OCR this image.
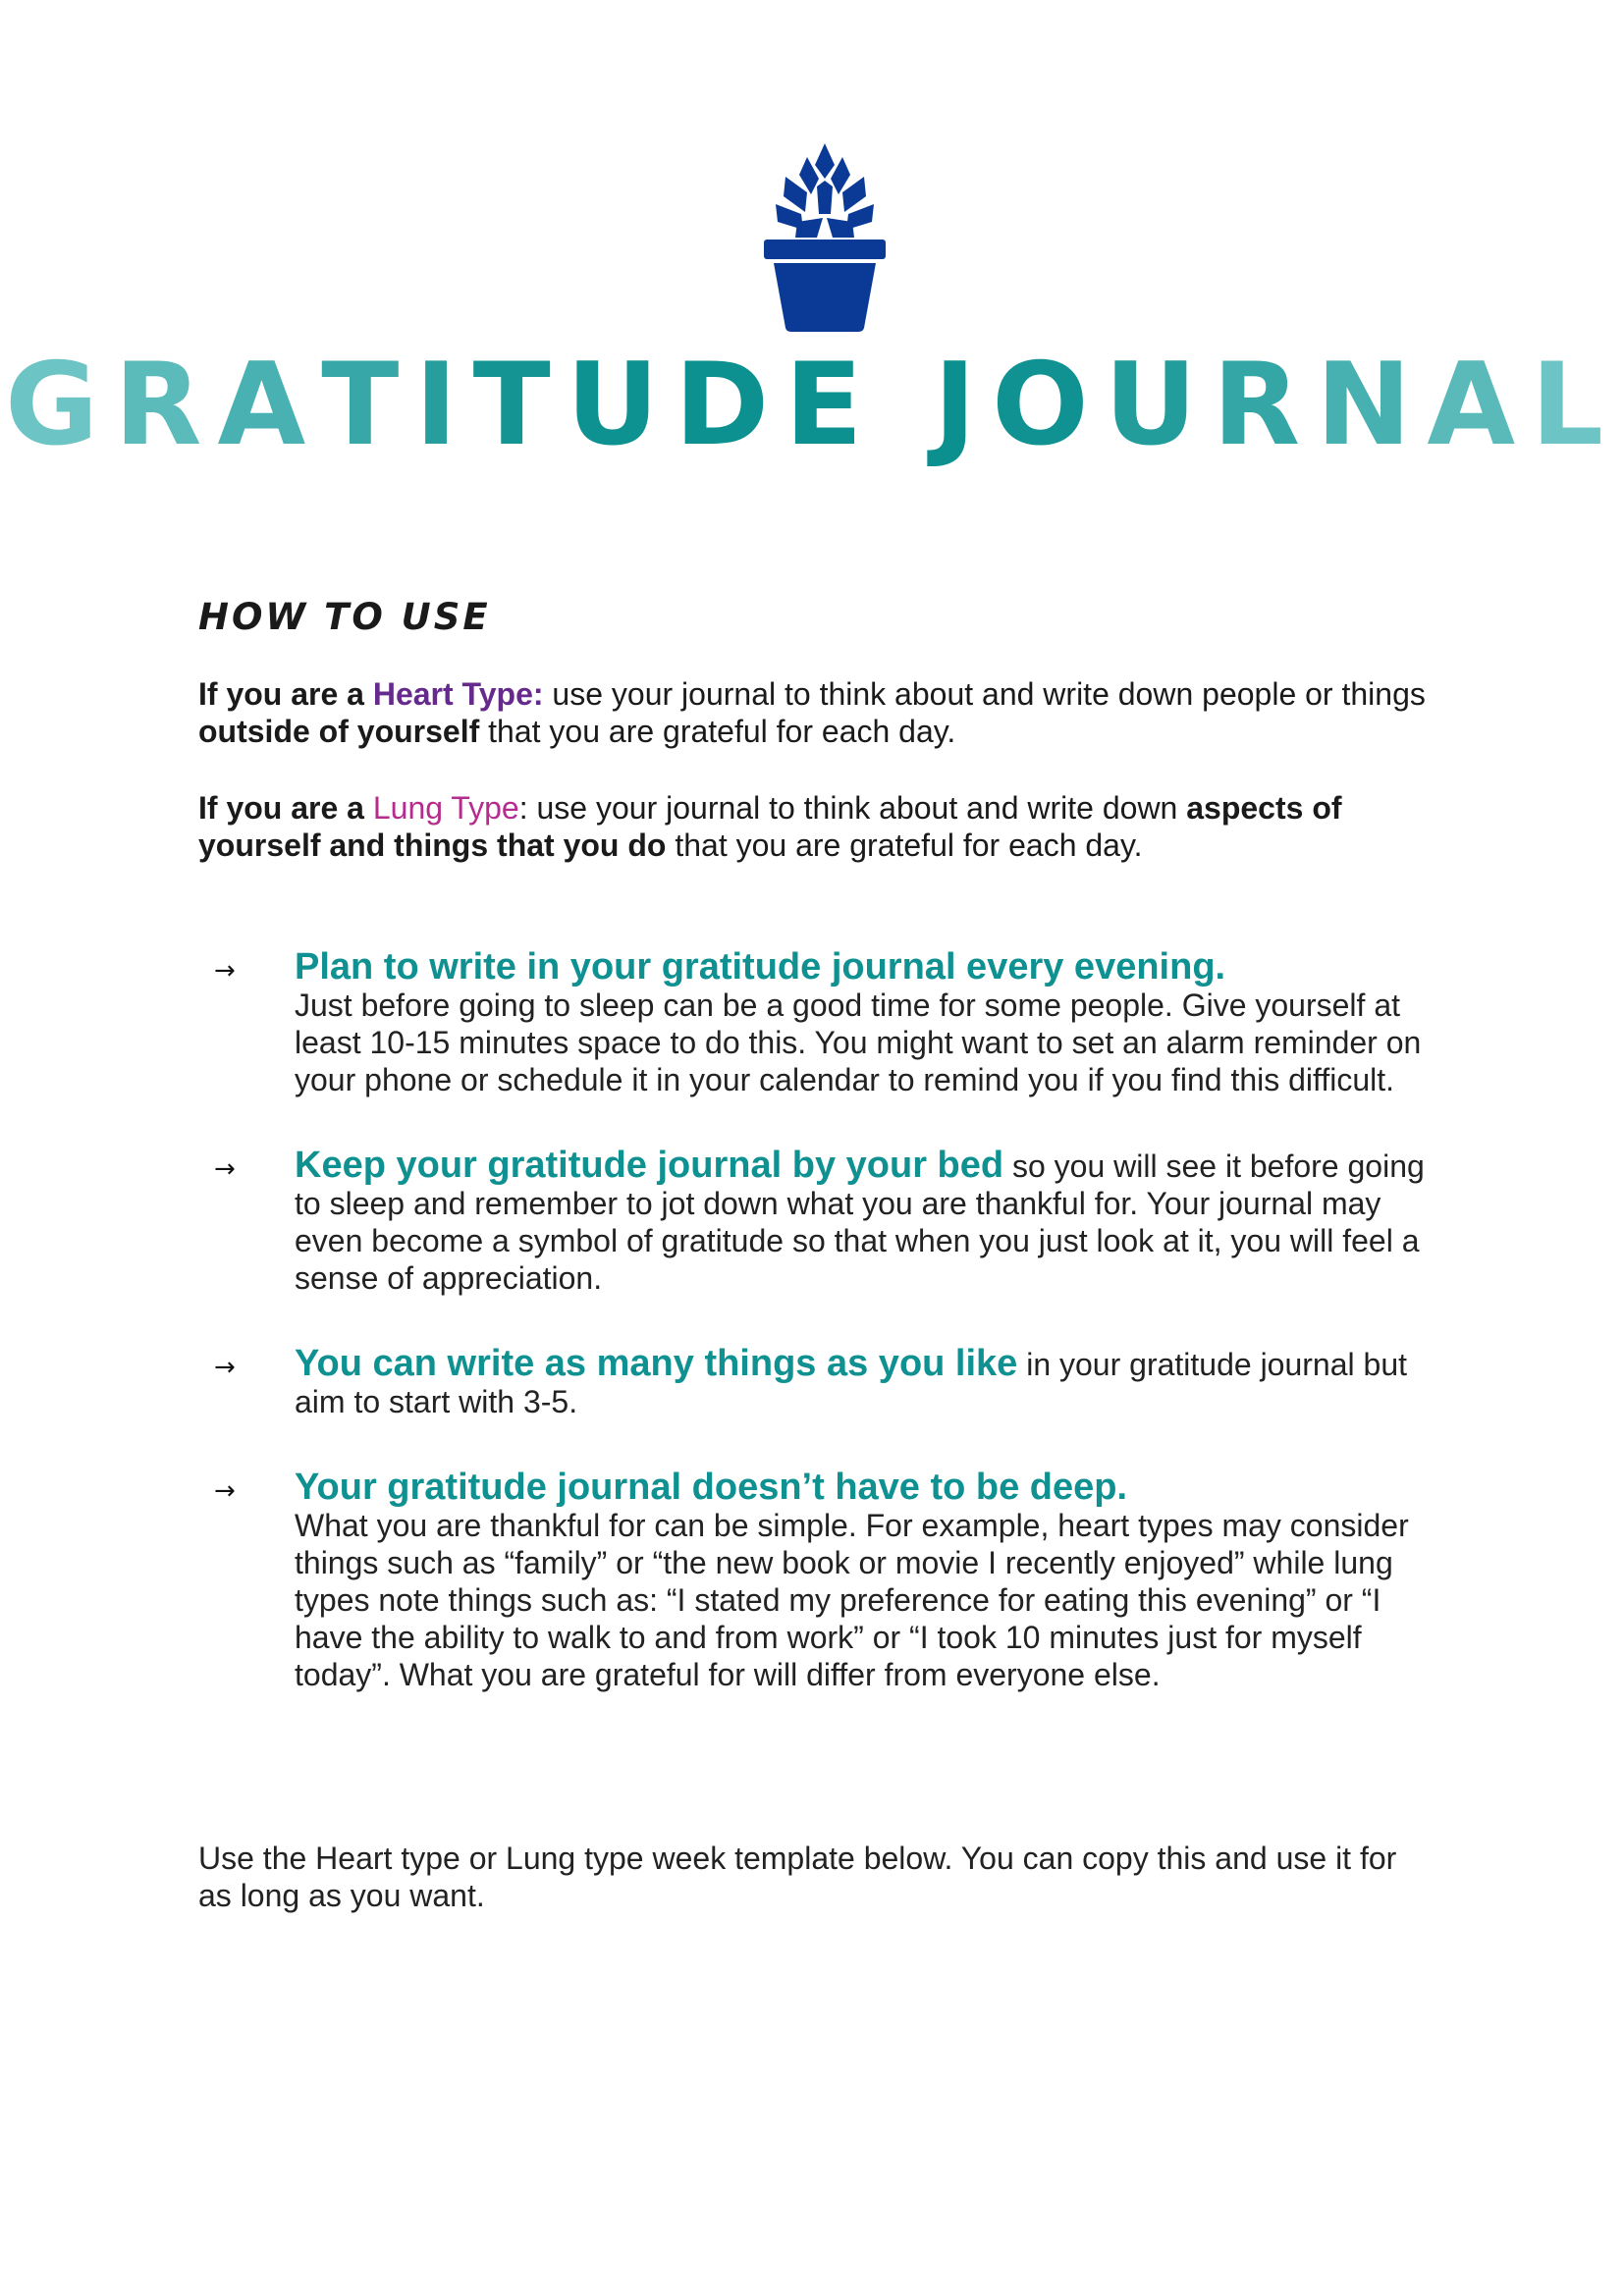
GRATITUDE JOURNAL
HOW TO USE

If you are a Heart Type: use your journal to think about and write down people or things outside of yourself that you are grateful for each day.

If you are a Lung Type: use your journal to think about and write down aspects of yourself and things that you do that you are grateful for each day.

→ Plan to write in your gratitude journal every evening.
Just before going to sleep can be a good time for some people. Give yourself at least 10-15 minutes space to do this. You might want to set an alarm reminder on your phone or schedule it in your calendar to remind you if you find this difficult.
→ Keep your gratitude journal by your bed so you will see it before going to sleep and remember to jot down what you are thankful for. Your journal may even become a symbol of gratitude so that when you just look at it, you will feel a sense of appreciation.
→ You can write as many things as you like in your gratitude journal but aim to start with 3-5.
→ Your gratitude journal doesn’t have to be deep.
What you are thankful for can be simple. For example, heart types may consider things such as “family” or “the new book or movie I recently enjoyed” while lung types note things such as: “I stated my preference for eating this evening” or “I have the ability to walk to and from work” or “I took 10 minutes just for myself today”. What you are grateful for will differ from everyone else.

Use the Heart type or Lung type week template below. You can copy this and use it for as long as you want.
